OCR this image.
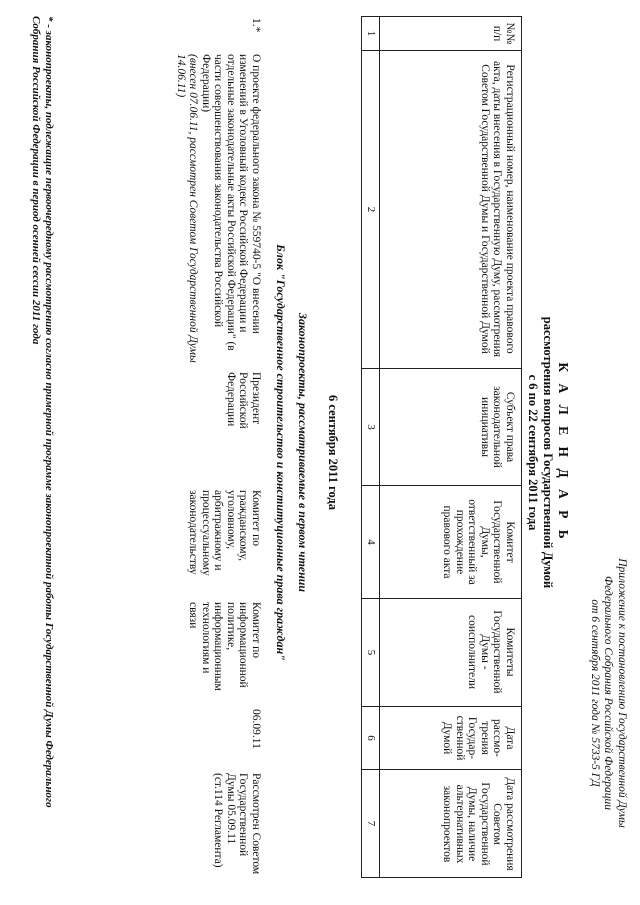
Приложение к постановлению Государственной Думы
Федерального Собрания Российской Федерации
от 6 сентября 2011 года № 5733-5 ГД
К А Л Е Н Д А Р Ь
рассмотрения вопросов Государственной Думой
с 6 по 22 сентября 2011 года
№№ п/п
Регистрационный номер, наименование проекта правового акта, даты внесения в Государственную Думу, рассмотрения Советом Государственной Думы и Государственной Думой
Субъект права законодательной инициативы
Комитет Государственной Думы, ответственный за прохождение правового акта
Комитеты Государственной Думы - соисполнители
Дата рассмо-трения Государ-ственной Думой
Дата рассмотрения Советом Государственной Думы, наличие альтернативных законопроектов
1
2
3
4
5
6
7
6 сентября 2011 года
Законопроекты, рассматриваемые в первом чтении
Блок "Государственное строительство и конституционные права граждан"
1.*
О проекте федерального закона № 559740-5 "О внесении изменений в Уголовный кодекс Российской Федерации и отдельные законодательные акты Российской Федерации" (в части совершенствования законодательства Российской Федерации)
(внесен 07.06.11, рассмотрен Советом Государственной Думы 14.06.11)
Президент Российской Федерации
Комитет по гражданскому, уголовному, арбитражному и процессуальному законодательству
Комитет по информационной политике, информационным технологиям и связи
06.09.11
Рассмотрен Советом Государственной Думы 05.09.11 (ст.114 Регламента)
* - законопроекты, подлежащие первоочередному рассмотрению согласно примерной программе законопроектной работы Государственной Думы Федерального Собрания Российской Федерации в период осенней сессии 2011 года
